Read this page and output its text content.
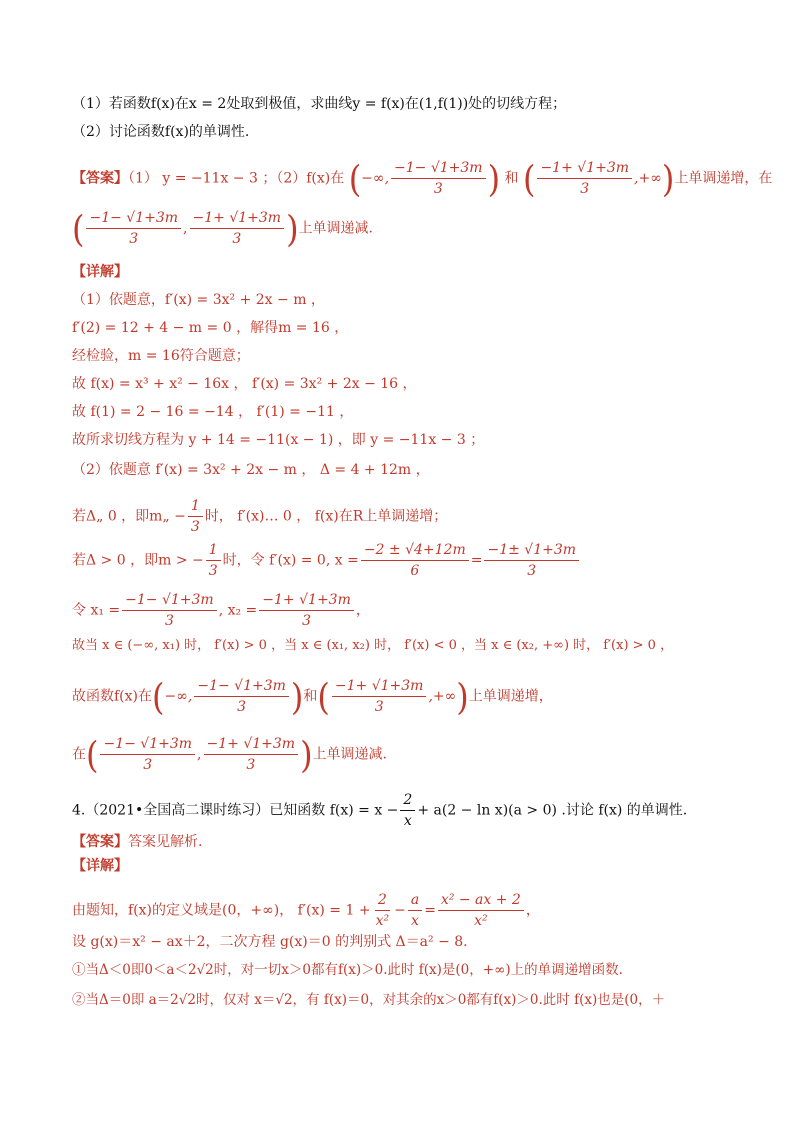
（1）若函数f(x)在x = 2处取到极值，求曲线y = f(x)在(1,f(1))处的切线方程；
（2）讨论函数f(x)的单调性.
【答案】（1） y = −11x − 3 ；（2）f(x)在 (−∞, $\frac{-1- √1+3m}{3}$ ) 和 ( $\frac{-1+ √1+3m}{3}$ ,+∞)上单调递增，在
( $\frac{-1- √1+3m}{3}$ , $\frac{-1+ √1+3m}{3}$ )上单调递减.
【详解】
（1）依题意，f′(x) = 3x² + 2x − m ，
f′(2) = 12 + 4 − m = 0 ，解得m = 16 ，
经检验，m = 16符合题意；
故 f(x) = x³ + x² − 16x ， f′(x) = 3x² + 2x − 16 ，
故 f(1) = 2 − 16 = −14 ， f′(1) = −11 ，
故所求切线方程为 y + 14 = −11(x − 1) ，即 y = −11x − 3 ；
（2）依题意 f′(x) = 3x² + 2x − m ， Δ = 4 + 12m ，
若Δ„ 0 ，即m„ − $\frac{1}{3}$ 时， f′(x)… 0 ， f(x)在R上单调递增；
若Δ > 0 ，即m > − $\frac{1}{3}$ 时，令 f′(x) = 0, $x = \frac{-2 \pm √4+12m}{6} = \frac{-1\pm √1+3m}{3}$
令 $x_1 = \frac{-1- √1+3m}{3}$ , $x_2 = \frac{-1+ √1+3m}{3}$ ，
故当 x ∈ (−∞, x₁) 时， f′(x) > 0 ，当 x ∈ (x₁, x₂) 时， f′(x) < 0 ，当 x ∈ (x₂, +∞) 时， f′(x) > 0 ，
故函数f(x)在(−∞, $\frac{-1- √1+3m}{3}$ )和( $\frac{-1+ √1+3m}{3}$ ,+∞)上单调递增，
在( $\frac{-1- √1+3m}{3}$ , $\frac{-1+ √1+3m}{3}$ )上单调递减.
4.（2021•全国高二课时练习）已知函数 $f(x) = x - \frac{2}{x} + a(2 - \ln x)(a > 0)$ .讨论 f(x) 的单调性.
【答案】答案见解析.
【详解】
由题知，f(x)的定义域是(0，+∞)， $f'(x) = 1 + \frac{2}{\text{x²}} - \frac{a}{x} = \frac{\text{x² − ax + 2}}{\text{x²}}$ ，
设 g(x)＝x² − ax＋2，二次方程 g(x)＝0 的判别式 Δ＝a² − 8.
①当Δ＜0即0＜a＜2√2时，对一切x＞0都有f(x)＞0.此时 f(x)是(0，+∞)上的单调递增函数.
②当Δ＝0即 a＝2√2时，仅对 x＝√2，有 f(x)＝0，对其余的x＞0都有f(x)＞0.此时 f(x)也是(0，＋
